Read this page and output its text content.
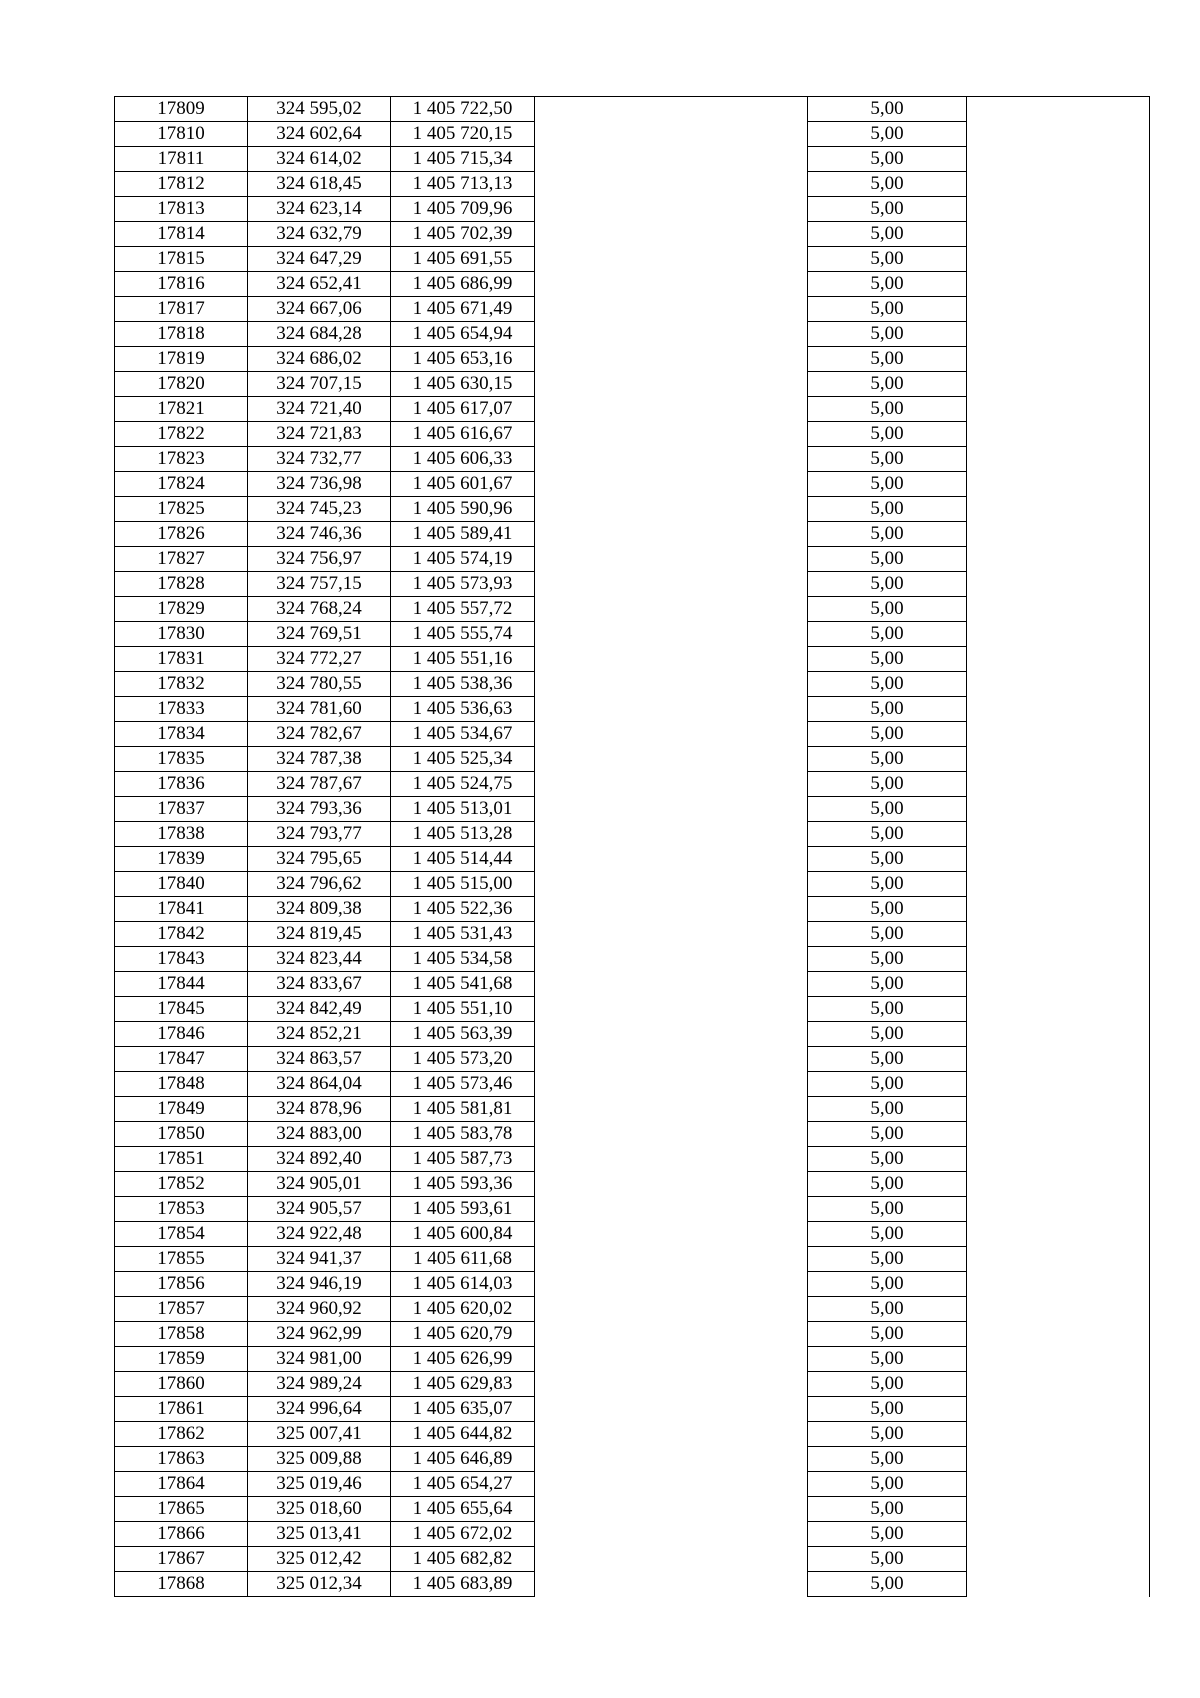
17809	324 595,02	1 405 722,50		5,00	
17810	324 602,64	1 405 720,15		5,00	
17811	324 614,02	1 405 715,34		5,00	
17812	324 618,45	1 405 713,13		5,00	
17813	324 623,14	1 405 709,96		5,00	
17814	324 632,79	1 405 702,39		5,00	
17815	324 647,29	1 405 691,55		5,00	
17816	324 652,41	1 405 686,99		5,00	
17817	324 667,06	1 405 671,49		5,00	
17818	324 684,28	1 405 654,94		5,00	
17819	324 686,02	1 405 653,16		5,00	
17820	324 707,15	1 405 630,15		5,00	
17821	324 721,40	1 405 617,07		5,00	
17822	324 721,83	1 405 616,67		5,00	
17823	324 732,77	1 405 606,33		5,00	
17824	324 736,98	1 405 601,67		5,00	
17825	324 745,23	1 405 590,96		5,00	
17826	324 746,36	1 405 589,41		5,00	
17827	324 756,97	1 405 574,19		5,00	
17828	324 757,15	1 405 573,93		5,00	
17829	324 768,24	1 405 557,72		5,00	
17830	324 769,51	1 405 555,74		5,00	
17831	324 772,27	1 405 551,16		5,00	
17832	324 780,55	1 405 538,36		5,00	
17833	324 781,60	1 405 536,63		5,00	
17834	324 782,67	1 405 534,67		5,00	
17835	324 787,38	1 405 525,34		5,00	
17836	324 787,67	1 405 524,75		5,00	
17837	324 793,36	1 405 513,01		5,00	
17838	324 793,77	1 405 513,28		5,00	
17839	324 795,65	1 405 514,44		5,00	
17840	324 796,62	1 405 515,00		5,00	
17841	324 809,38	1 405 522,36		5,00	
17842	324 819,45	1 405 531,43		5,00	
17843	324 823,44	1 405 534,58		5,00	
17844	324 833,67	1 405 541,68		5,00	
17845	324 842,49	1 405 551,10		5,00	
17846	324 852,21	1 405 563,39		5,00	
17847	324 863,57	1 405 573,20		5,00	
17848	324 864,04	1 405 573,46		5,00	
17849	324 878,96	1 405 581,81		5,00	
17850	324 883,00	1 405 583,78		5,00	
17851	324 892,40	1 405 587,73		5,00	
17852	324 905,01	1 405 593,36		5,00	
17853	324 905,57	1 405 593,61		5,00	
17854	324 922,48	1 405 600,84		5,00	
17855	324 941,37	1 405 611,68		5,00	
17856	324 946,19	1 405 614,03		5,00	
17857	324 960,92	1 405 620,02		5,00	
17858	324 962,99	1 405 620,79		5,00	
17859	324 981,00	1 405 626,99		5,00	
17860	324 989,24	1 405 629,83		5,00	
17861	324 996,64	1 405 635,07		5,00	
17862	325 007,41	1 405 644,82		5,00	
17863	325 009,88	1 405 646,89		5,00	
17864	325 019,46	1 405 654,27		5,00	
17865	325 018,60	1 405 655,64		5,00	
17866	325 013,41	1 405 672,02		5,00	
17867	325 012,42	1 405 682,82		5,00	
17868	325 012,34	1 405 683,89		5,00	
